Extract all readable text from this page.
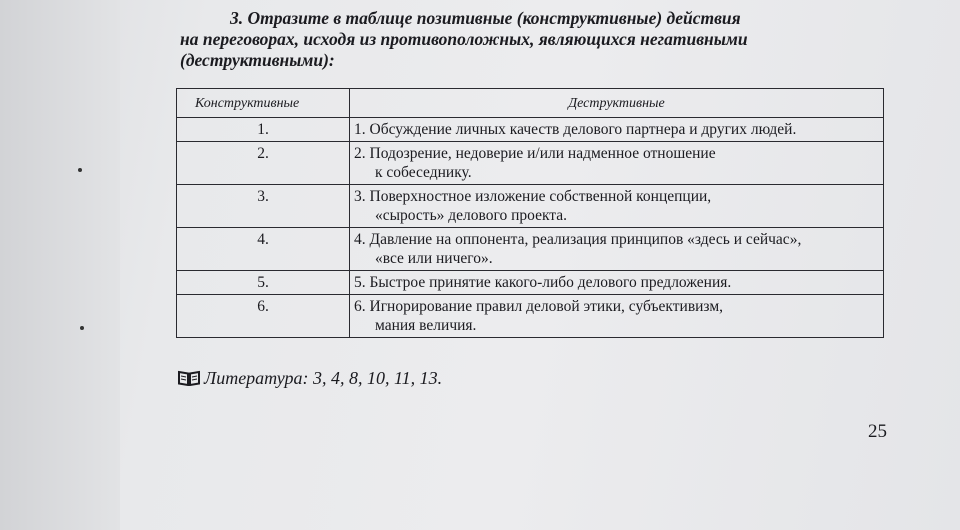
3. Отразите в таблице позитивные (конструктивные) действия
на переговорах, исходя из противоположных, являющихся негативными
(деструктивными):
Конструктивные	Деструктивные
1.	1. Обсуждение личных качеств делового партнера и других людей.

2.	2. Подозрение, недоверие и/или надменное отношение
к собеседнику.

3.	3. Поверхностное изложение собственной концепции,
«сырость» делового проекта.

4.	4. Давление на оппонента, реализация принципов «здесь и сейчас»,
«все или ничего».

5.	5. Быстрое принятие какого-либо делового предложения.

6.	6. Игнорирование правил деловой этики, субъективизм,
мания величия.
Литература: 3, 4, 8, 10, 11, 13.
25
